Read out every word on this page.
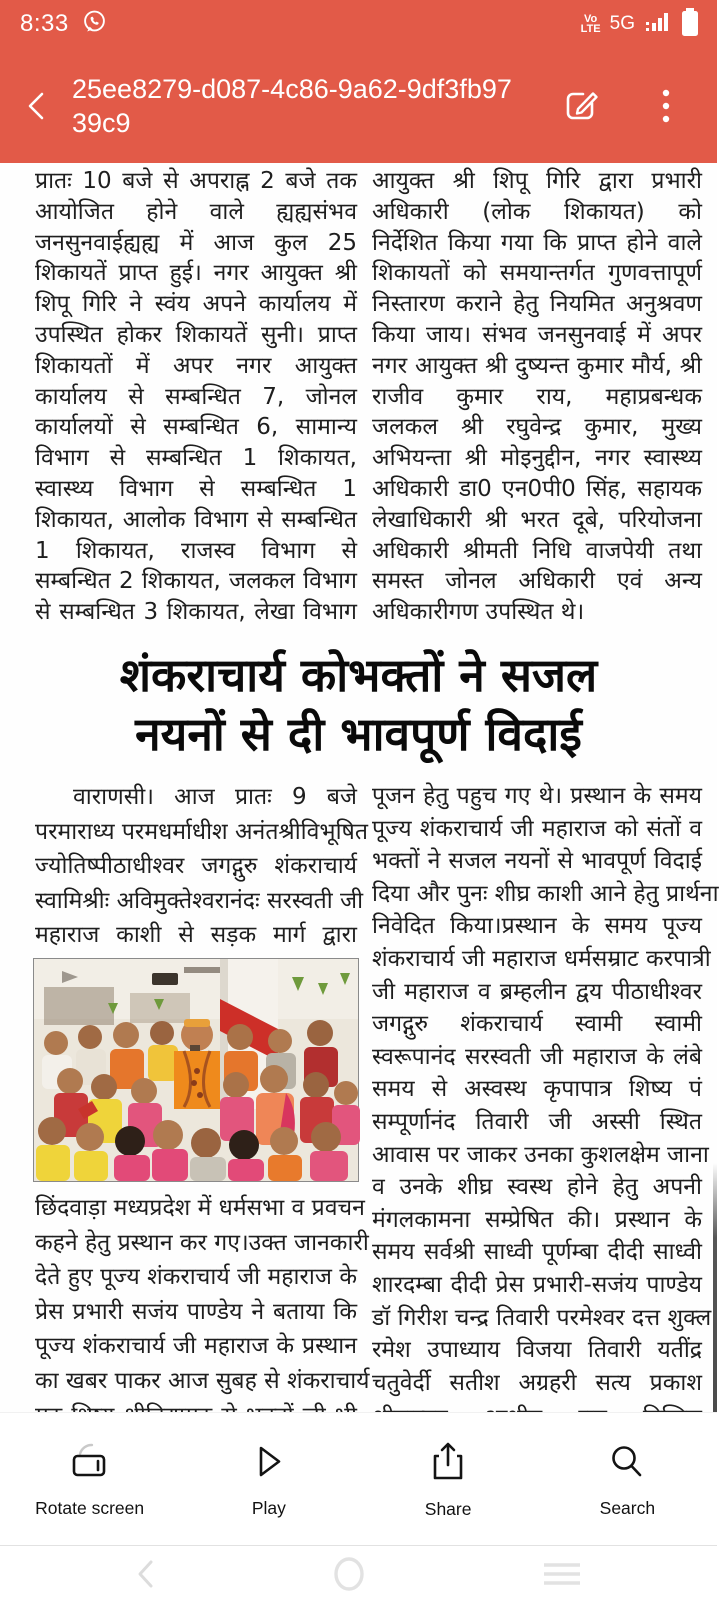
8:33	Vo
LTE 5G
25ee8279-d087-4c86-9a62-9df3fb9739c9
प्रातः 10 बजे से अपराह्न 2 बजे तक
आयोजित होने वाले ह्यह्यसंभव
जनसुनवाईह्यह्य में आज कुल 25
शिकायतें प्राप्त हुई। नगर आयुक्त श्री
शिपू गिरि ने स्वंय अपने कार्यालय में
उपस्थित होकर शिकायतें सुनी। प्राप्त
शिकायतों में अपर नगर आयुक्त
कार्यालय से सम्बन्धित 7, जोनल
कार्यालयों से सम्बन्धित 6, सामान्य
विभाग से सम्बन्धित 1 शिकायत,
स्वास्थ्य विभाग से सम्बन्धित 1
शिकायत, आलोक विभाग से सम्बन्धित
1 शिकायत, राजस्व विभाग से
सम्बन्धित 2 शिकायत, जलकल विभाग
से सम्बन्धित 3 शिकायत, लेखा विभाग
आयुक्त श्री शिपू गिरि द्वारा प्रभारी
अधिकारी (लोक शिकायत) को
निर्देशित किया गया कि प्राप्त होने वाले
शिकायतों को समयान्तर्गत गुणवत्तापूर्ण
निस्तारण कराने हेतु नियमित अनुश्रवण
किया जाय। संभव जनसुनवाई में अपर
नगर आयुक्त श्री दुष्यन्त कुमार मौर्य, श्री
राजीव कुमार राय, महाप्रबन्धक
जलकल श्री रघुवेन्द्र कुमार, मुख्य
अभियन्ता श्री मोइनुद्दीन, नगर स्वास्थ्य
अधिकारी डा0 एन0पी0 सिंह, सहायक
लेखाधिकारी श्री भरत दूबे, परियोजना
अधिकारी श्रीमती निधि वाजपेयी तथा
समस्त जोनल अधिकारी एवं अन्य
अधिकारीगण उपस्थित थे।
शंकराचार्य कोभक्तों ने सजल
नयनों से दी भावपूर्ण विदाई
वाराणसी। आज प्रातः 9 बजे
परमाराध्य परमधर्माधीश अनंतश्रीविभूषित
ज्योतिष्पीठाधीश्वर जगद्गुरु शंकराचार्य
स्वामिश्रीः अविमुक्तेश्वरानंदः सरस्वती जी
महाराज काशी से सड़क मार्ग द्वारा
छिंदवाड़ा मध्यप्रदेश में धर्मसभा व प्रवचन
कहने हेतु प्रस्थान कर गए।उक्त जानकारी
देते हुए पूज्य शंकराचार्य जी महाराज के
प्रेस प्रभारी सजंय पाण्डेय ने बताया कि
पूज्य शंकराचार्य जी महाराज के प्रस्थान
का खबर पाकर आज सुबह से शंकराचार्य
पूजन हेतु पहुच गए थे। प्रस्थान के समय
पूज्य शंकराचार्य जी महाराज को संतों व
भक्तों ने सजल नयनों से भावपूर्ण विदाई
दिया और पुनः शीघ्र काशी आने हेतु प्रार्थना
निवेदित किया।प्रस्थान के समय पूज्य
शंकराचार्य जी महाराज धर्मसम्राट करपात्री
जी महाराज व ब्रम्हलीन द्वय पीठाधीश्वर
जगद्गुरु शंकराचार्य स्वामी स्वामी
स्वरूपानंद सरस्वती जी महाराज के लंबे
समय से अस्वस्थ कृपापात्र शिष्य पं
सम्पूर्णानंद तिवारी जी अस्सी स्थित
आवास पर जाकर उनका कुशलक्षेम जाना
व उनके शीघ्र स्वस्थ होने हेतु अपनी
मंगलकामना सम्प्रेषित की। प्रस्थान के
समय सर्वश्री साध्वी पूर्णम्बा दीदी साध्वी
शारदम्बा दीदी प्रेस प्रभारी-सजंय पाण्डेय
डॉ गिरीश चन्द्र तिवारी परमेश्वर दत्त शुक्ल
रमेश उपाध्याय विजया तिवारी यतींद्र
चतुवेर्दी सतीश अग्रहरी सत्य प्रकाश
Rotate screen	Play	Share	Search
